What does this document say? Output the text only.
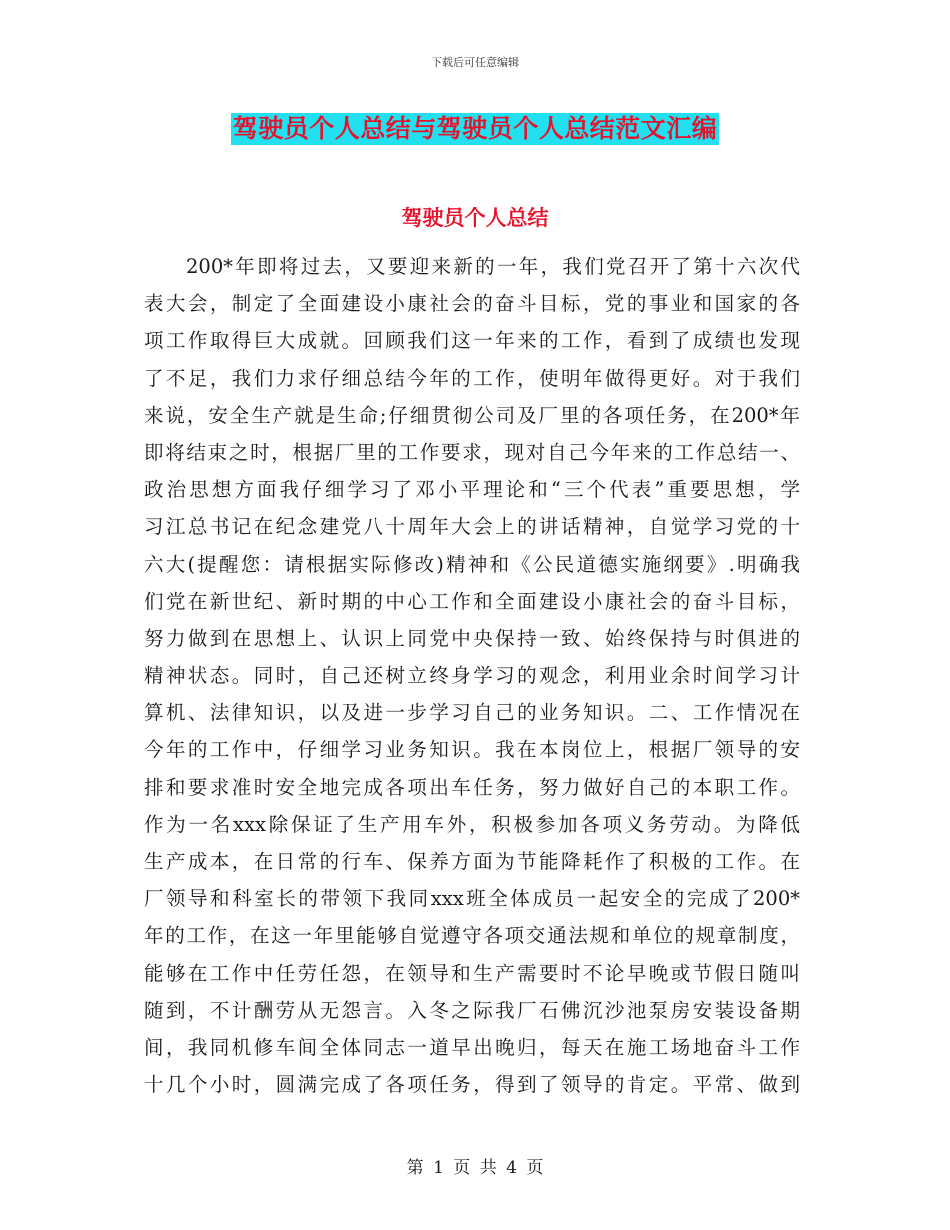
下载后可任意编辑
驾驶员个人总结与驾驶员个人总结范文汇编
驾驶员个人总结
200*年即将过去，又要迎来新的一年，我们党召开了第十六次代
表大会，制定了全面建设小康社会的奋斗目标，党的事业和国家的各
项工作取得巨大成就。回顾我们这一年来的工作，看到了成绩也发现
了不足，我们力求仔细总结今年的工作，使明年做得更好。对于我们
来说，安全生产就是生命;仔细贯彻公司及厂里的各项任务，在200*年
即将结束之时，根据厂里的工作要求，现对自己今年来的工作总结一、
政治思想方面我仔细学习了邓小平理论和“三个代表”重要思想，学
习江总书记在纪念建党八十周年大会上的讲话精神，自觉学习党的十
六大(提醒您：请根据实际修改)精神和《公民道德实施纲要》.明确我
们党在新世纪、新时期的中心工作和全面建设小康社会的奋斗目标，
努力做到在思想上、认识上同党中央保持一致、始终保持与时俱进的
精神状态。同时，自己还树立终身学习的观念，利用业余时间学习计
算机、法律知识，以及进一步学习自己的业务知识。二、工作情况在
今年的工作中，仔细学习业务知识。我在本岗位上，根据厂领导的安
排和要求准时安全地完成各项出车任务，努力做好自己的本职工作。
作为一名xxx除保证了生产用车外，积极参加各项义务劳动。为降低
生产成本，在日常的行车、保养方面为节能降耗作了积极的工作。在
厂领导和科室长的带领下我同xxx班全体成员一起安全的完成了200*
年的工作，在这一年里能够自觉遵守各项交通法规和单位的规章制度，
能够在工作中任劳任怨，在领导和生产需要时不论早晚或节假日随叫
随到，不计酬劳从无怨言。入冬之际我厂石佛沉沙池泵房安装设备期
间，我同机修车间全体同志一道早出晚归，每天在施工场地奋斗工作
十几个小时，圆满完成了各项任务，得到了领导的肯定。平常、做到
第 1 页 共 4 页
